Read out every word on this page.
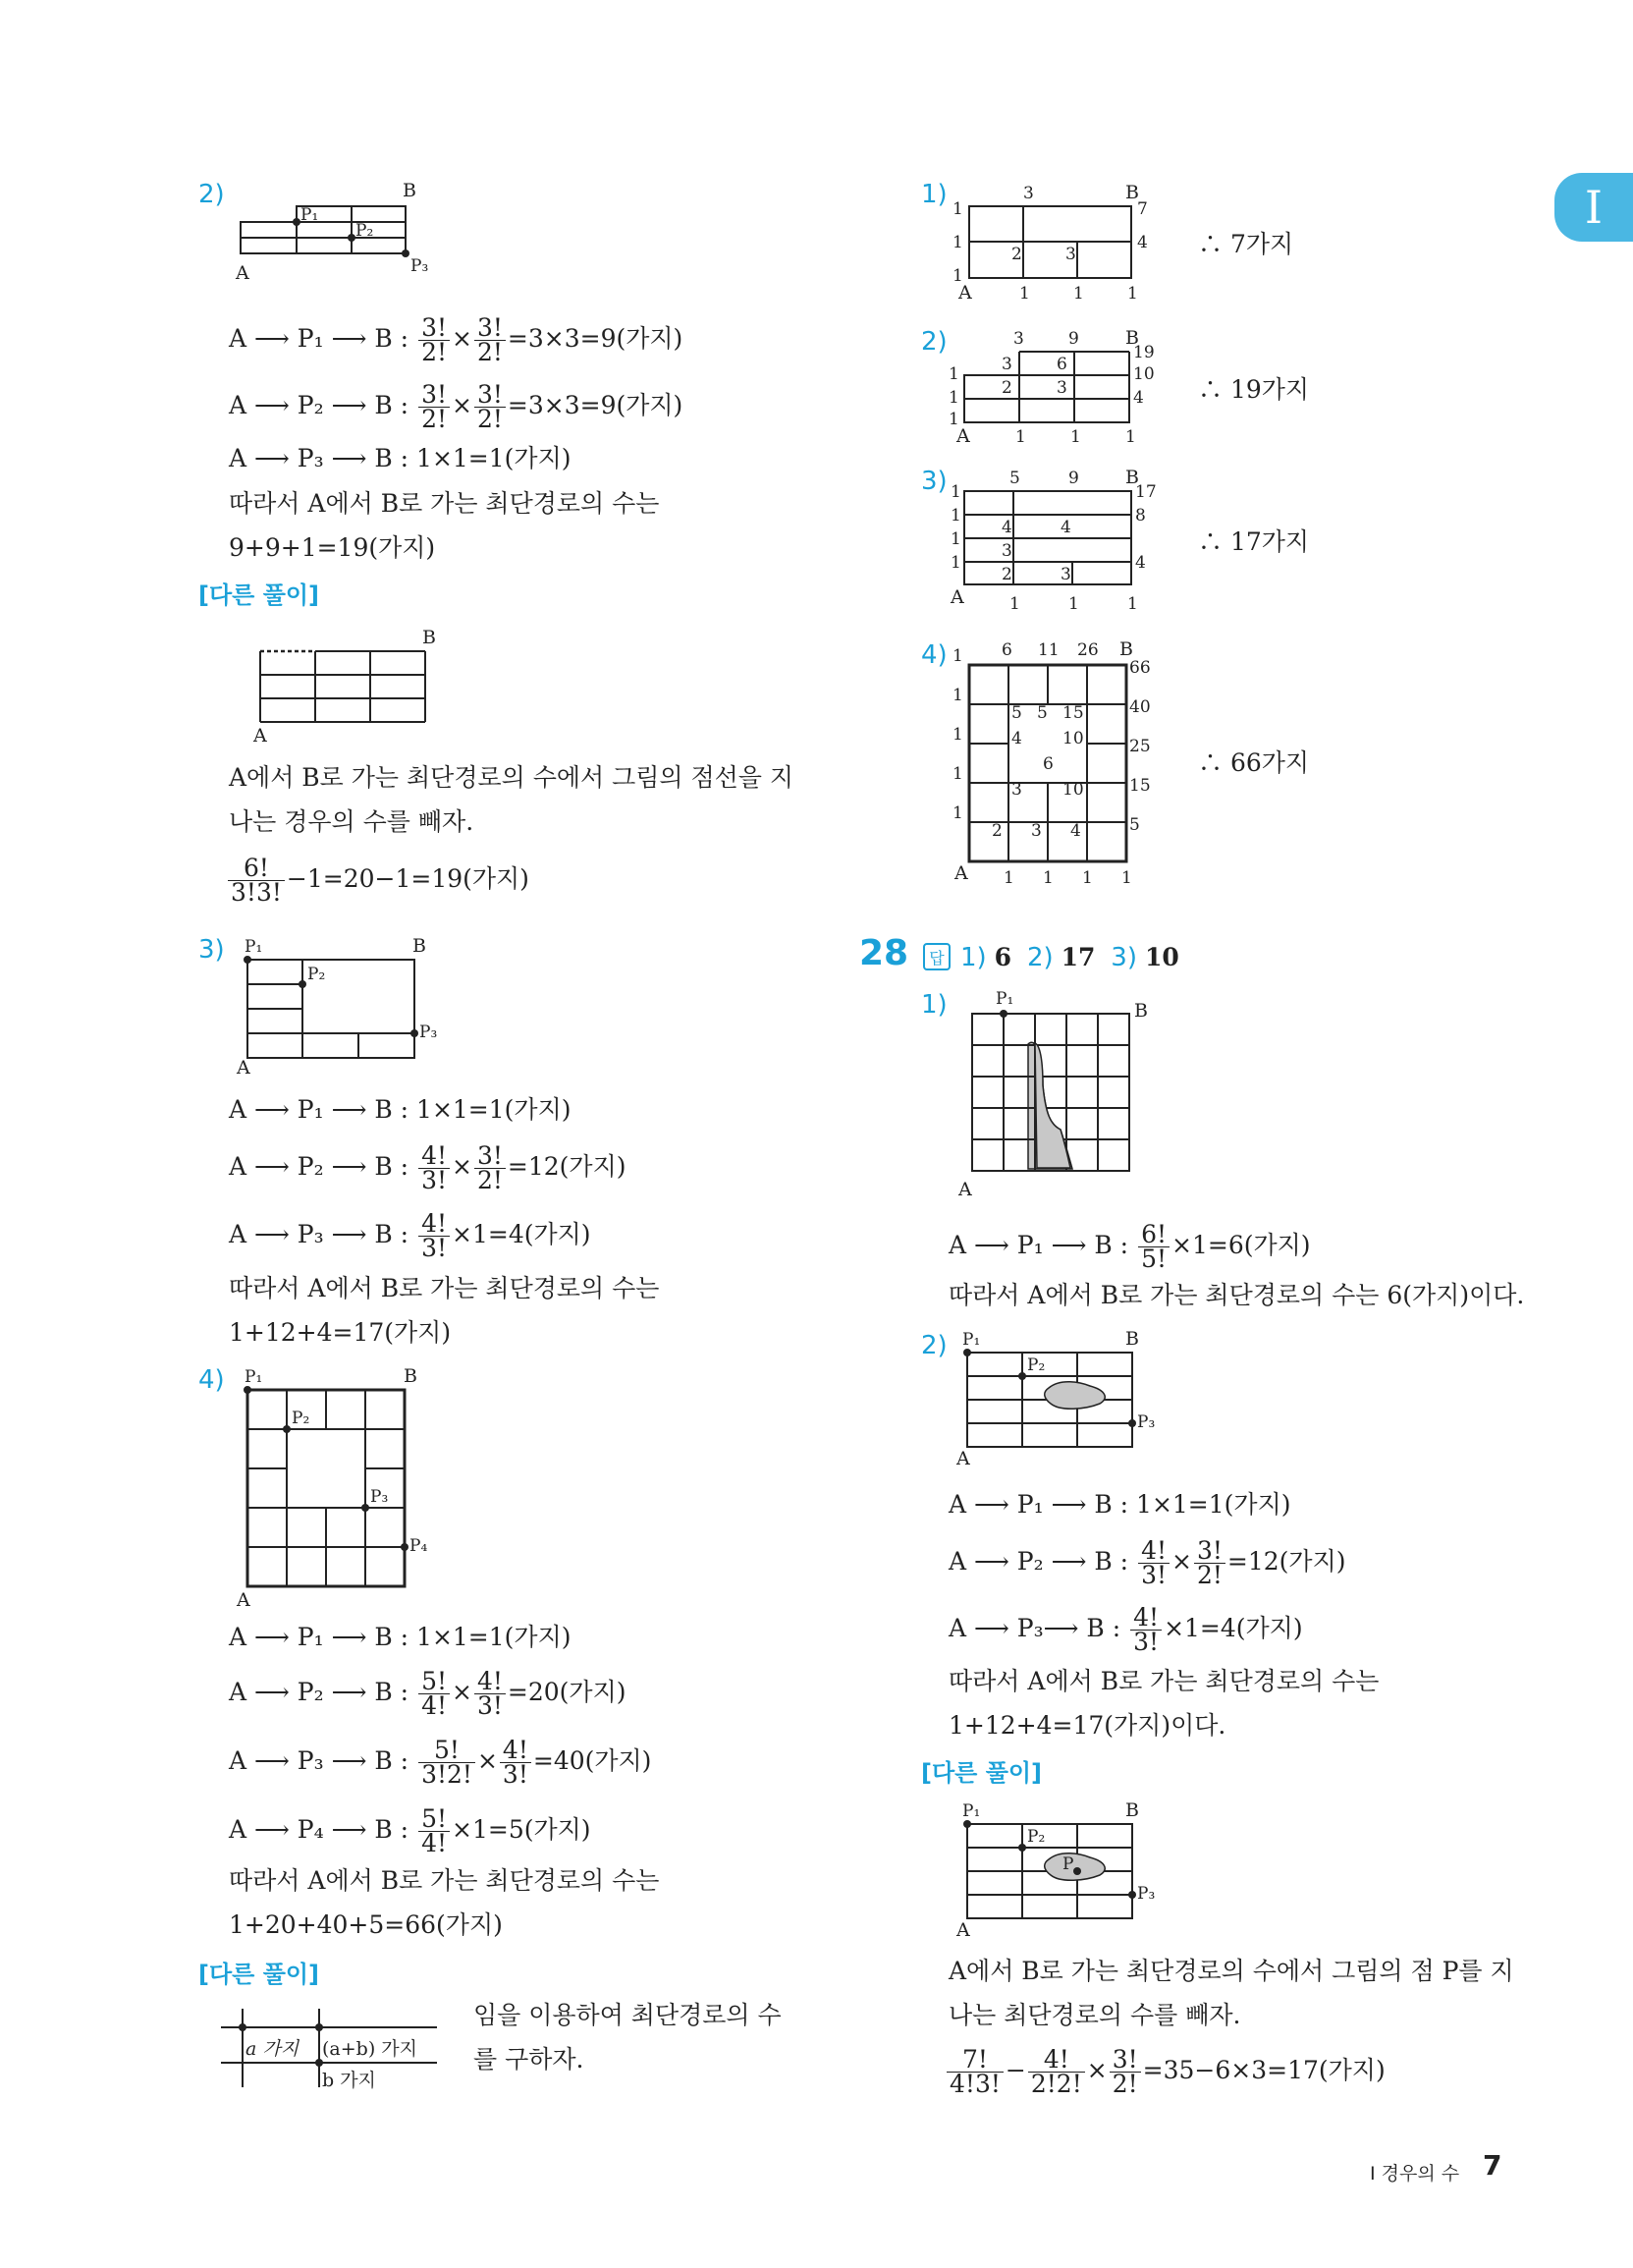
I
2)
P₁
P₂
P₃
A
B
A ⟶ P₁ ⟶ B : $\frac{3!}{2!} \times \frac{3!}{2!} =3\times 3=9$(가지)
A ⟶ P₂ ⟶ B : $\frac{3!}{2!} \times \frac{3!}{2!} =3\times 3=9$(가지)
A ⟶ P₃ ⟶ B : 1×1=1(가지)
따라서 A에서 B로 가는 최단경로의 수는
9+9+1=19(가지)
[다른 풀이]
B
A
A에서 B로 가는 최단경로의 수에서 그림의 점선을 지
나는 경우의 수를 빼자.
$\frac{6!}{3!3!} -1=20-1=19$(가지)
3) P₁
P₂
P₃
B
A
A ⟶ P₁ ⟶ B : 1×1=1(가지)
A ⟶ P₂ ⟶ B : $\frac{4!}{3!} \times \frac{3!}{2!} =12$(가지)
A ⟶ P₃ ⟶ B : $\frac{4!}{3!} \times 1=4$(가지)
따라서 A에서 B로 가는 최단경로의 수는
1+12+4=17(가지)
4) P₁
P₂
P₃
P₄
B
A
A ⟶ P₁ ⟶ B : 1×1=1(가지)
A ⟶ P₂ ⟶ B : $\frac{5!}{4!} \times \frac{4!}{3!} =20$(가지)
A ⟶ P₃ ⟶ B : $\frac{5!}{3!2!} \times \frac{4!}{3!} =40$(가지)
A ⟶ P₄ ⟶ B : $\frac{5!}{4!} \times 1=5$(가지)
따라서 A에서 B로 가는 최단경로의 수는
1+20+40+5=66(가지)
[다른 풀이]
a 가지 (a+b) 가지
b 가지
임을 이용하여 최단경로의 수
를 구하자.
1)	3
1
1
1
1	1	1
2	3
7
4
B
A
∴ 7가지
2)	3	9
3	6
2	3
19
10
4
1
1
1
1	1	1
B
A
∴ 19가지
3)	5	9
17
8
4
4	4
3
2	3
1
1
1
1
1	1	1
B
A
∴ 17가지
4)	6 11 26
66
40
25
15
5
5 5 15
4 10
6
3 10
2 3 4
1
1
1
1
1
1 1 1 1
B
A
∴ 66가지
28	답 1) 6 2) 17 3) 10
1)	P₁
B
A
A ⟶ P₁ ⟶ B : $\frac{6!}{5!} \times 1=6$(가지)
따라서 A에서 B로 가는 최단경로의 수는 6(가지)이다.
2) P₁
P₂
P₃
B
A
A ⟶ P₁ ⟶ B : 1×1=1(가지)
A ⟶ P₂ ⟶ B : $\frac{4!}{3!} \times \frac{3!}{2!} =12$(가지)
A ⟶ P₃⟶ B : $\frac{4!}{3!} \times 1=4$(가지)
따라서 A에서 B로 가는 최단경로의 수는
1+12+4=17(가지)이다.
[다른 풀이]
P
P₁
P₂
P₃
B
A
A에서 B로 가는 최단경로의 수에서 그림의 점 P를 지
나는 최단경로의 수를 빼자.
$\frac{7!}{4!3!} - \frac{4!}{2!2!} \times \frac{3!}{2!} =35-6\times 3=17$(가지)
Ⅰ 경우의 수 7
